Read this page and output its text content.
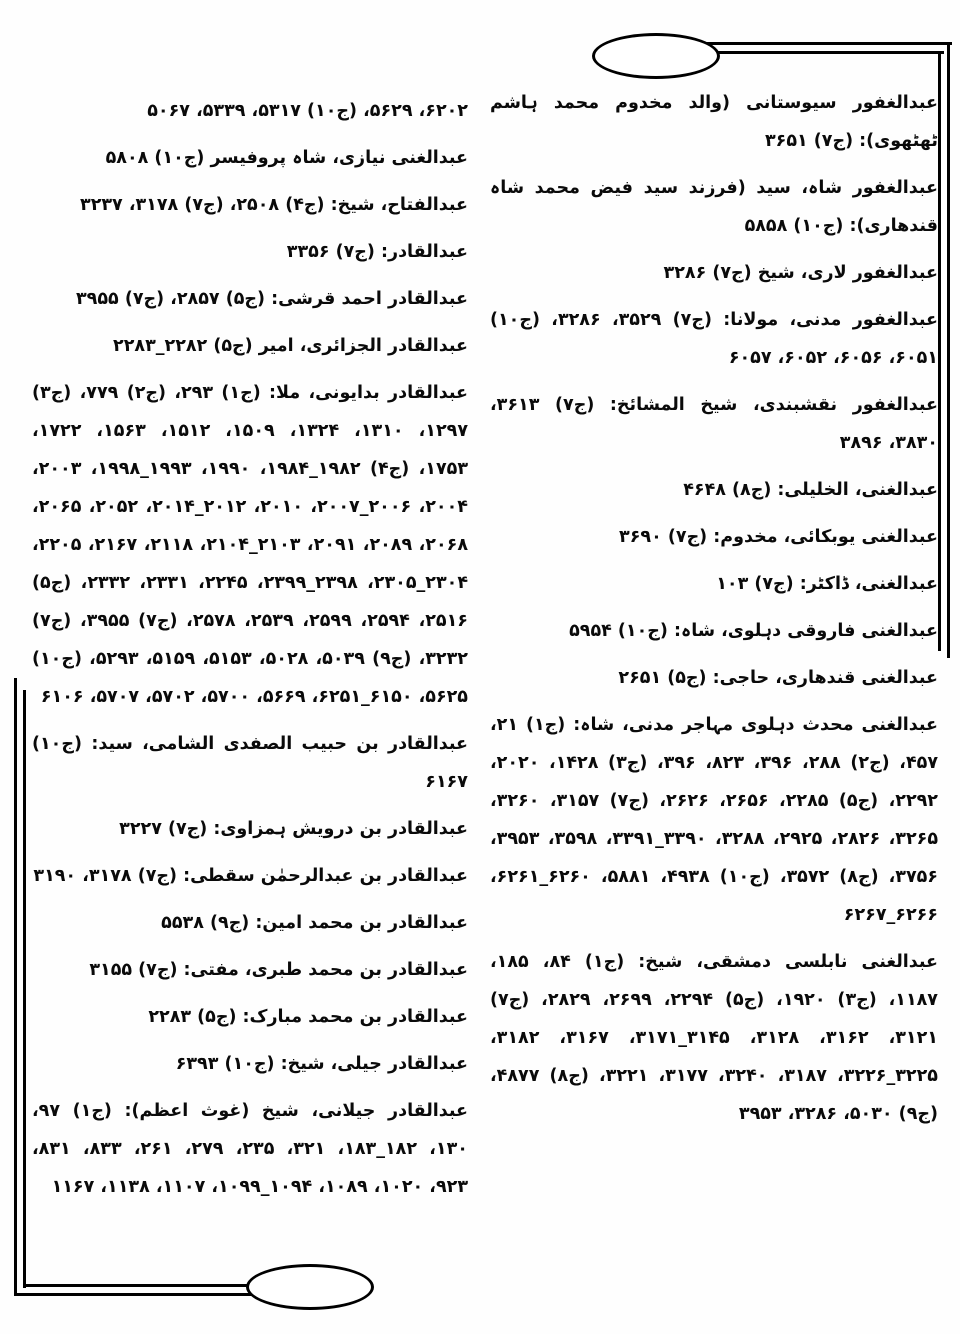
عبدالغفور سیوستانی (والد مخدوم محمد ہاشم ٹھٹھوی): (ج۷) ۳۶۵۱

عبدالغفور شاہ، سید (فرزند سید فیض محمد شاہ قندھاری): (ج۱۰) ۵۸۵۸

عبدالغفور لاری، شیخ (ج۷) ۳۲۸۶

عبدالغفور مدنی، مولانا: (ج۷) ۳۵۲۹، ۳۲۸۶، (ج۱۰) ۶۰۵۱، ۶۰۵۶، ۶۰۵۲، ۶۰۵۷

عبدالغفور نقشبندی، شیخ المشائخ: (ج۷) ۳۶۱۳، ۳۸۳۰، ۳۸۹۶

عبدالغنی، الخلیلی: (ج۸) ۴۶۴۸

عبدالغنی یوبکائی، مخدوم: (ج۷) ۳۶۹۰

عبدالغنی، ڈاکٹر: (ج۷) ۱۰۳

عبدالغنی فاروقی دہلوی، شاہ: (ج۱۰) ۵۹۵۴

عبدالغنی قندھاری، حاجی: (ج۵) ۲۶۵۱

عبدالغنی محدث دہلوی مہاجر مدنی، شاہ: (ج۱) ۲۱، ۴۵۷، (ج۲) ۲۸۸، ۳۹۶، ۸۲۳، ۳۹۶، (ج۳) ۱۴۲۸، ۲۰۲۰، ۲۲۹۲، (ج۵) ۲۲۸۵، ۲۶۵۶، ۲۶۲۶، (ج۷) ۳۱۵۷، ۳۲۶۰، ۳۲۶۵، ۲۸۲۶، ۲۹۲۵، ۳۲۸۸، ۳۳۹۰_۳۳۹۱، ۳۵۹۸، ۳۹۵۳، ۳۷۵۶، (ج۸) ۳۵۷۲، (ج۱۰) ۴۹۳۸، ۵۸۸۱، ۶۲۶۰_۶۲۶۱، ۶۲۶۶_۶۲۶۷

عبدالغنی نابلسی دمشقی، شیخ: (ج۱) ۸۴، ۱۸۵، ۱۱۸۷، (ج۳) ۱۹۲۰، (ج۵) ۲۲۹۴، ۲۶۹۹، ۲۸۲۹، (ج۷) ۳۱۲۱، ۳۱۶۲، ۳۱۲۸، ۳۱۴۵_۳۱۷۱، ۳۱۶۷، ۳۱۸۲، ۳۲۲۵_۳۲۲۶، ۳۱۸۷، ۳۲۴۰، ۳۱۷۷، ۳۲۲۱، (ج۸) ۴۸۷۷، (ج۹) ۵۰۳۰، ۳۲۸۶، ۳۹۵۳

۶۲۰۲، ۵۶۲۹، (ج۱۰) ۵۳۱۷، ۵۳۳۹، ۵۰۶۷

عبدالغنی نیازی، شاہ پروفیسر (ج۱۰) ۵۸۰۸

عبدالفتاح، شیخ: (ج۴) ۲۵۰۸، (ج۷) ۳۱۷۸، ۳۲۳۷

عبدالقادر: (ج۷) ۳۳۵۶

عبدالقادر احمد قرشی: (ج۵) ۲۸۵۷، (ج۷) ۳۹۵۵

عبدالقادر الجزائری، امیر (ج۵) ۲۲۸۲_۲۲۸۳

عبدالقادر بدایونی، ملا: (ج۱) ۲۹۳، (ج۲) ۷۷۹، (ج۳) ۱۲۹۷، ۱۳۱۰، ۱۳۲۴، ۱۵۰۹، ۱۵۱۲، ۱۵۶۳، ۱۷۲۲، ۱۷۵۳، (ج۴) ۱۹۸۲_۱۹۸۴، ۱۹۹۰، ۱۹۹۳_۱۹۹۸، ۲۰۰۳، ۲۰۰۴، ۲۰۰۶_۲۰۰۷، ۲۰۱۰، ۲۰۱۲_۲۰۱۴، ۲۰۵۲، ۲۰۶۵، ۲۰۶۸، ۲۰۸۹، ۲۰۹۱، ۲۱۰۳_۲۱۰۴، ۲۱۱۸، ۲۱۶۷، ۲۲۰۵، ۲۳۰۴_۲۳۰۵، ۲۳۹۸_۲۳۹۹، ۲۲۴۵، ۲۳۳۱، ۲۳۳۲، (ج۵) ۲۵۱۶، ۲۵۹۴، ۲۵۹۹، ۲۵۳۹، ۲۵۷۸، (ج۷) ۳۹۵۵، (ج۷) ۳۲۳۲، (ج۹) ۵۰۳۹، ۵۰۲۸، ۵۱۵۳، ۵۱۵۹، ۵۲۹۳، (ج۱۰) ۵۶۲۵، ۶۱۵۰_۶۲۵۱، ۵۶۶۹، ۵۷۰۰، ۵۷۰۲، ۵۷۰۷، ۶۱۰۶

عبدالقادر بن حبیب الصفدی الشامی، سید: (ج۱۰) ۶۱۶۷

عبدالقادر بن درویش ہمزاوی: (ج۷) ۳۲۲۷

عبدالقادر بن عبدالرحمٰن سقطی: (ج۷) ۳۱۷۸، ۳۱۹۰

عبدالقادر بن محمد امین: (ج۹) ۵۵۳۸

عبدالقادر بن محمد طبری، مفتی: (ج۷) ۳۱۵۵

عبدالقادر بن محمد مبارک: (ج۵) ۲۲۸۳

عبدالقادر جیلی، شیخ: (ج۱۰) ۶۳۹۳

عبدالقادر جیلانی، شیخ (غوث اعظم): (ج۱) ۹۷، ۱۳۰، ۱۸۲_۱۸۳، ۳۲۱، ۲۳۵، ۲۷۹، ۲۶۱، ۸۳۳، ۸۳۱، ۹۲۳، ۱۰۲۰، ۱۰۸۹، ۱۰۹۴_۱۰۹۹، ۱۱۰۷، ۱۱۳۸، ۱۱۶۷
